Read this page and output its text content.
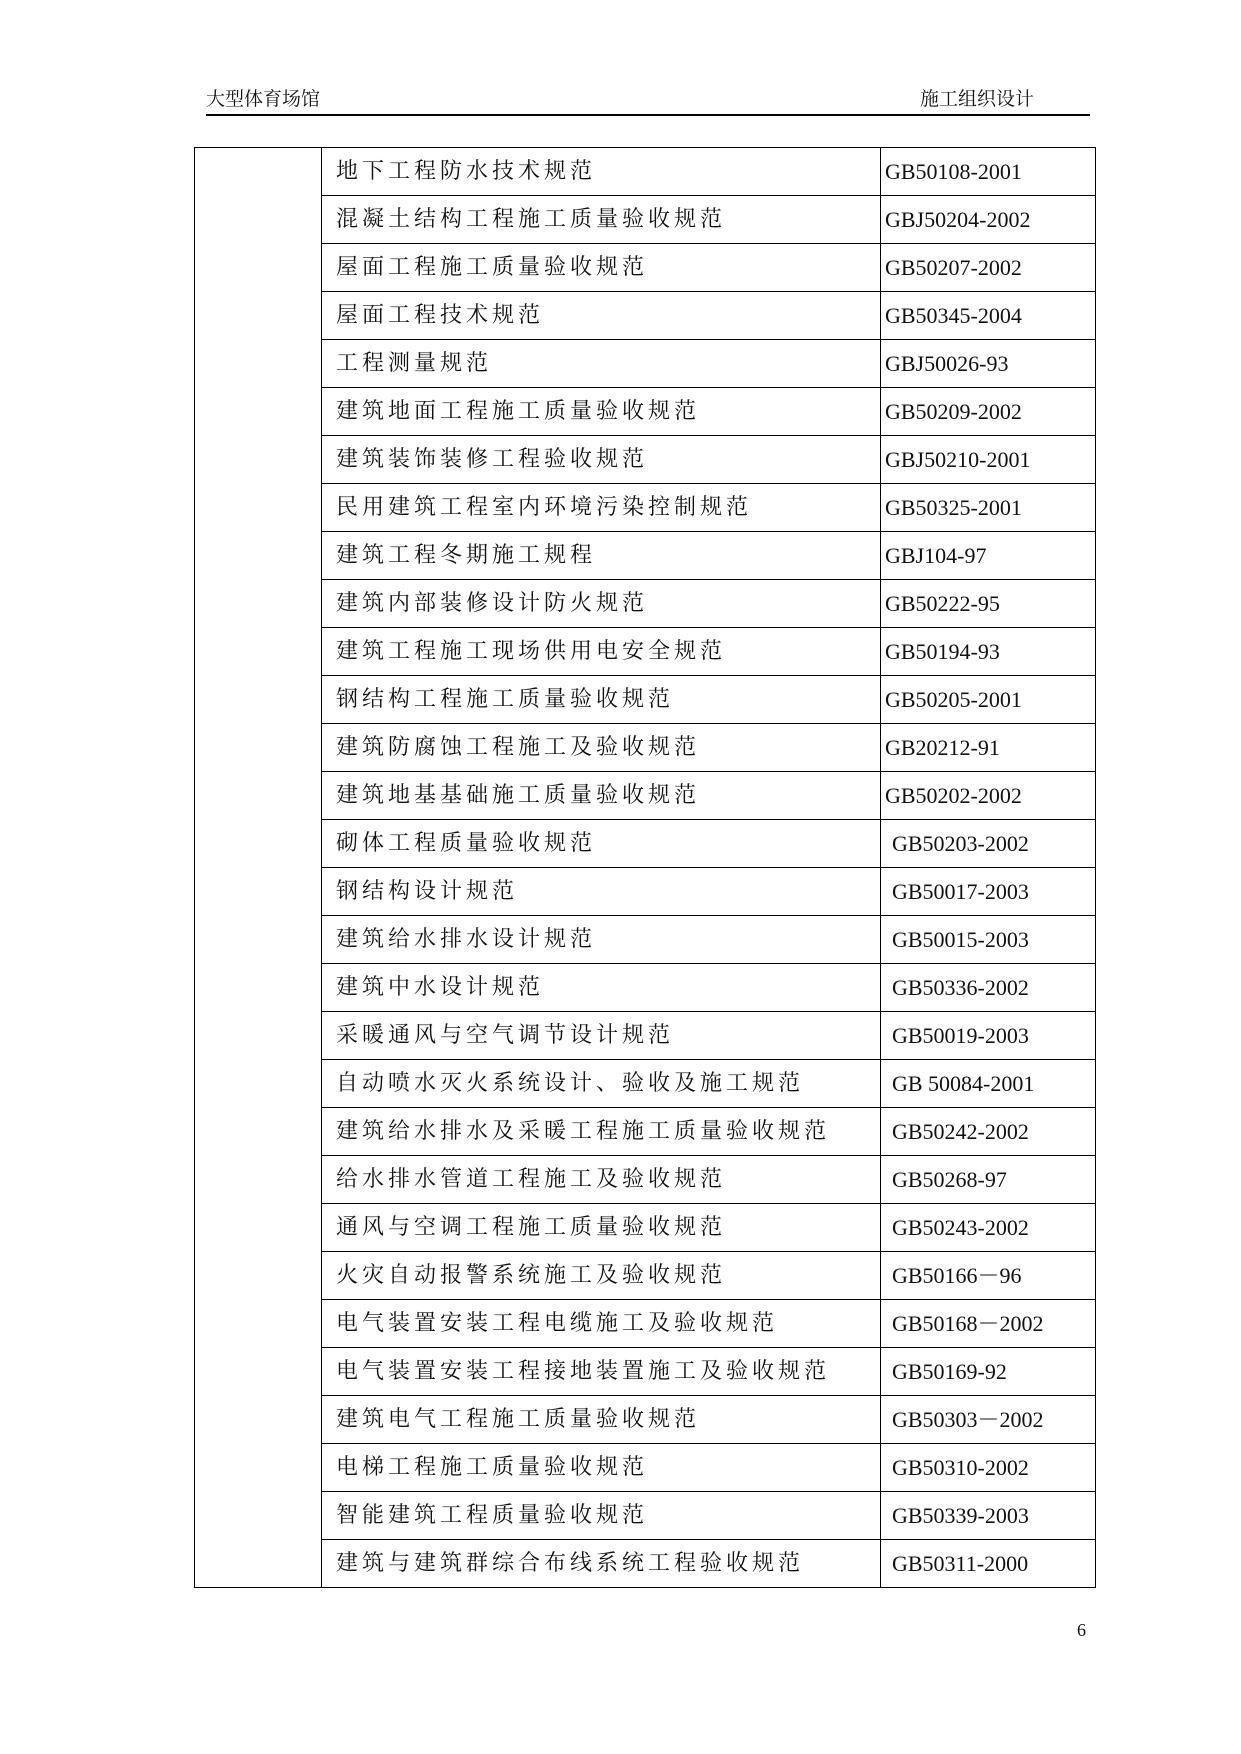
大型体育场馆	施工组织设计
	地下工程防水技术规范	GB50108-2001
	混凝土结构工程施工质量验收规范	GBJ50204-2002
	屋面工程施工质量验收规范	GB50207-2002
	屋面工程技术规范	GB50345-2004
	工程测量规范	GBJ50026-93
	建筑地面工程施工质量验收规范	GB50209-2002
	建筑装饰装修工程验收规范	GBJ50210-2001
	民用建筑工程室内环境污染控制规范	GB50325-2001
	建筑工程冬期施工规程	GBJ104-97
	建筑内部装修设计防火规范	GB50222-95
	建筑工程施工现场供用电安全规范	GB50194-93
	钢结构工程施工质量验收规范	GB50205-2001
	建筑防腐蚀工程施工及验收规范	GB20212-91
	建筑地基基础施工质量验收规范	GB50202-2002
	砌体工程质量验收规范	GB50203-2002
	钢结构设计规范	GB50017-2003
	建筑给水排水设计规范	GB50015-2003
	建筑中水设计规范	GB50336-2002
	采暖通风与空气调节设计规范	GB50019-2003
	自动喷水灭火系统设计、验收及施工规范	GB 50084-2001
	建筑给水排水及采暖工程施工质量验收规范	GB50242-2002
	给水排水管道工程施工及验收规范	GB50268-97
	通风与空调工程施工质量验收规范	GB50243-2002
	火灾自动报警系统施工及验收规范	GB50166－96
	电气装置安装工程电缆施工及验收规范	GB50168－2002
	电气装置安装工程接地装置施工及验收规范	GB50169-92
	建筑电气工程施工质量验收规范	GB50303－2002
	电梯工程施工质量验收规范	GB50310-2002
	智能建筑工程质量验收规范	GB50339-2003
	建筑与建筑群综合布线系统工程验收规范	GB50311-2000
6
